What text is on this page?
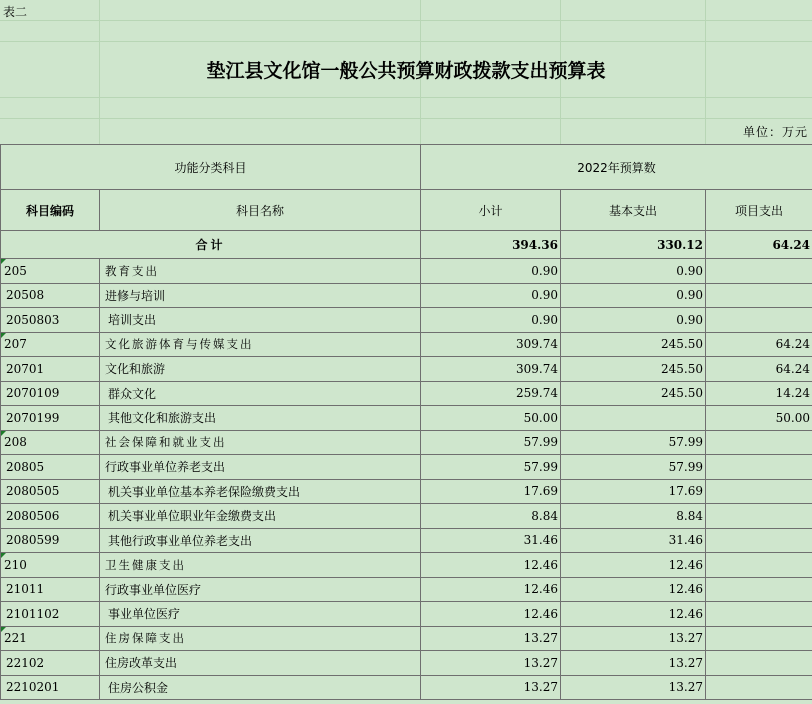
表二
垫江县文化馆一般公共预算财政拨款支出预算表
单位：万元
功能分类科目		2022年预算数		
科目编码	科目名称	小计	基本支出	项目支出
合计		394.36	330.12	64.24

205	教育支出	0.90	0.90	
20508	进修与培训	0.90	0.90	
2050803	培训支出	0.90	0.90	

207	文化旅游体育与传媒支出	309.74	245.50	64.24
20701	文化和旅游	309.74	245.50	64.24
2070109	群众文化	259.74	245.50	14.24
2070199	其他文化和旅游支出	50.00		50.00

208	社会保障和就业支出	57.99	57.99	
20805	行政事业单位养老支出	57.99	57.99	
2080505	机关事业单位基本养老保险缴费支出	17.69	17.69	
2080506	机关事业单位职业年金缴费支出	8.84	8.84	
2080599	其他行政事业单位养老支出	31.46	31.46	

210	卫生健康支出	12.46	12.46	
21011	行政事业单位医疗	12.46	12.46	
2101102	事业单位医疗	12.46	12.46	

221	住房保障支出	13.27	13.27	
22102	住房改革支出	13.27	13.27	
2210201	住房公积金	13.27	13.27	
